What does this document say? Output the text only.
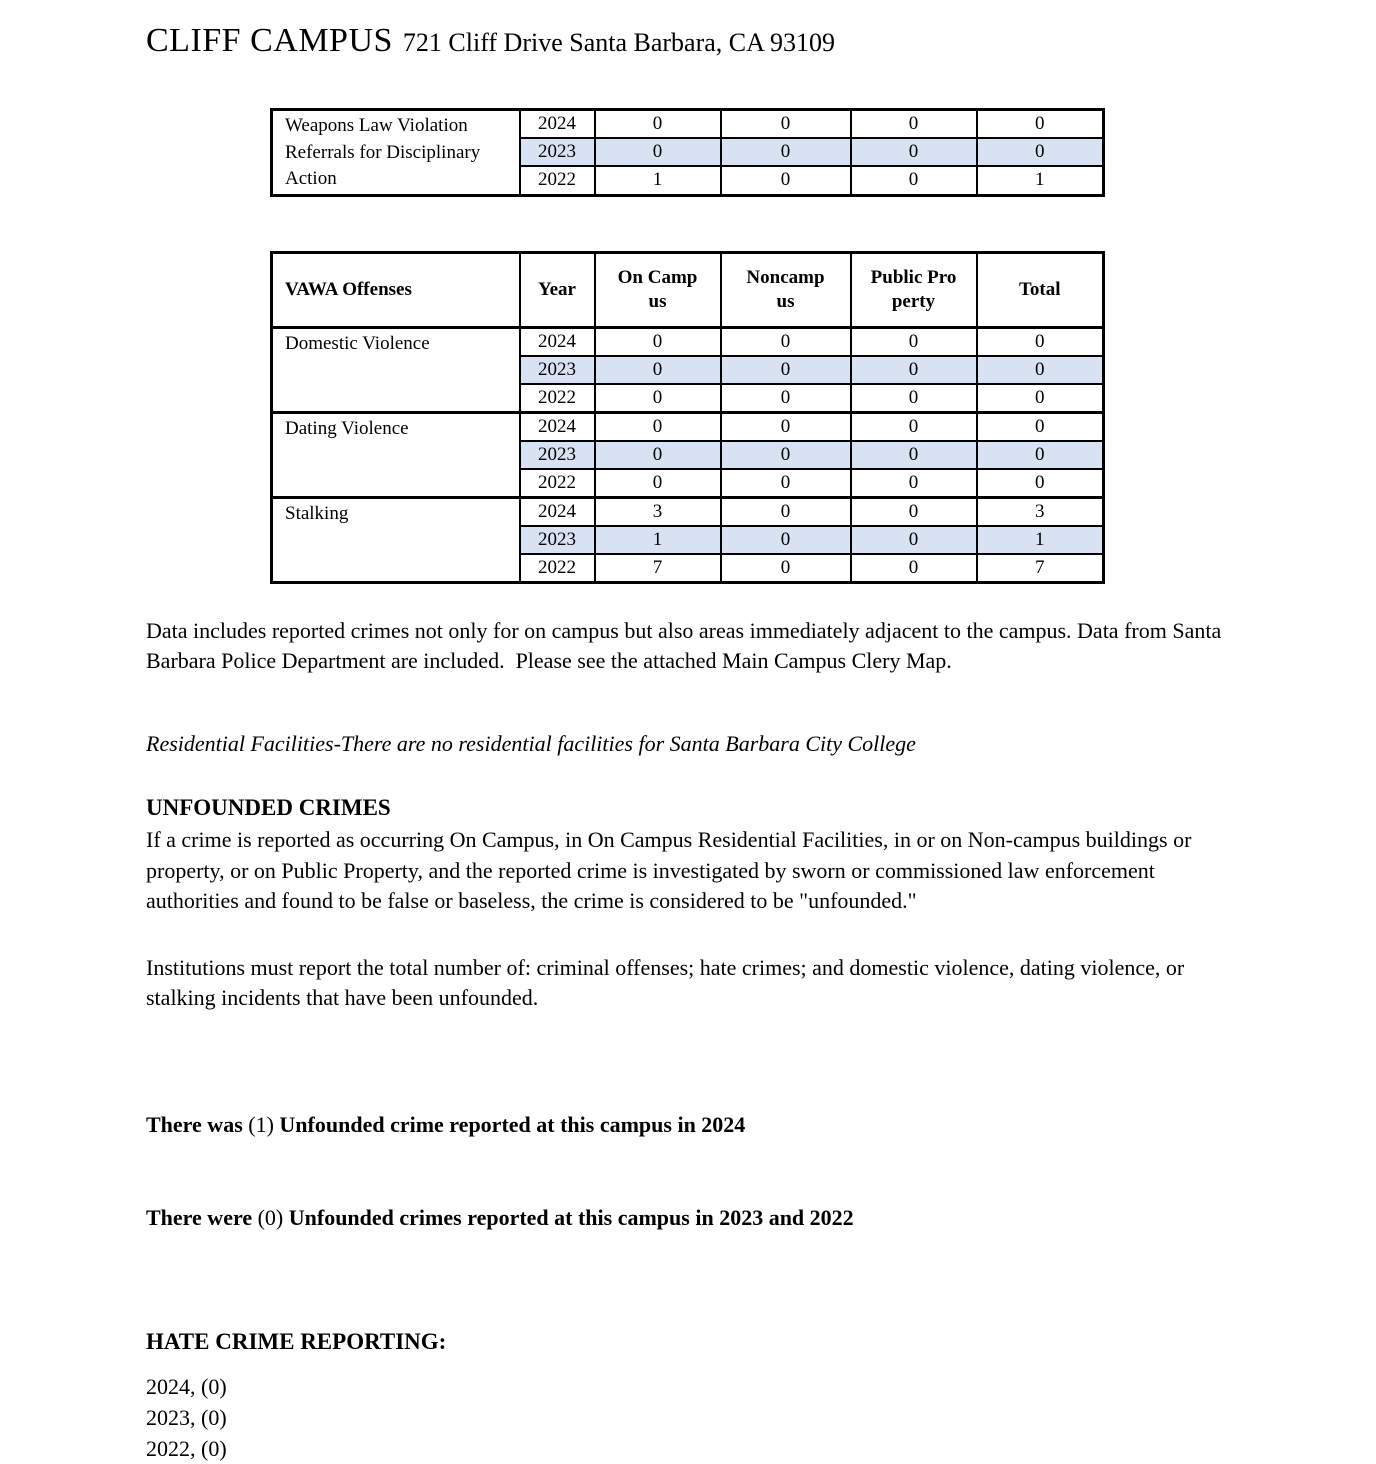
CLIFF CAMPUS 721 Cliff Drive Santa Barbara, CA 93109
Weapons Law Violation Referrals for Disciplinary Action	2024	0	0	0	0
	2023	0	0	0	0
	2022	1	0	0	1
VAWA Offenses	Year	On Campus	Noncampus	Public Property	Total
Domestic Violence	2024	0	0	0	0
	2023	0	0	0	0
	2022	0	0	0	0
Dating Violence	2024	0	0	0	0
	2023	0	0	0	0
	2022	0	0	0	0
Stalking	2024	3	0	0	3
	2023	1	0	0	1
	2022	7	0	0	7

Data includes reported crimes not only for on campus but also areas immediately adjacent to the campus. Data from Santa Barbara Police Department are included.  Please see the attached Main Campus Clery Map.

Residential Facilities-There are no residential facilities for Santa Barbara City College

UNFOUNDED CRIMES

If a crime is reported as occurring On Campus, in On Campus Residential Facilities, in or on Non-campus buildings or property, or on Public Property, and the reported crime is investigated by sworn or commissioned law enforcement authorities and found to be false or baseless, the crime is considered to be "unfounded."

Institutions must report the total number of: criminal offenses; hate crimes; and domestic violence, dating violence, or stalking incidents that have been unfounded.

There was (1) Unfounded crime reported at this campus in 2024

There were (0) Unfounded crimes reported at this campus in 2023 and 2022

HATE CRIME REPORTING:
2024, (0)
2023, (0)
2022, (0)
